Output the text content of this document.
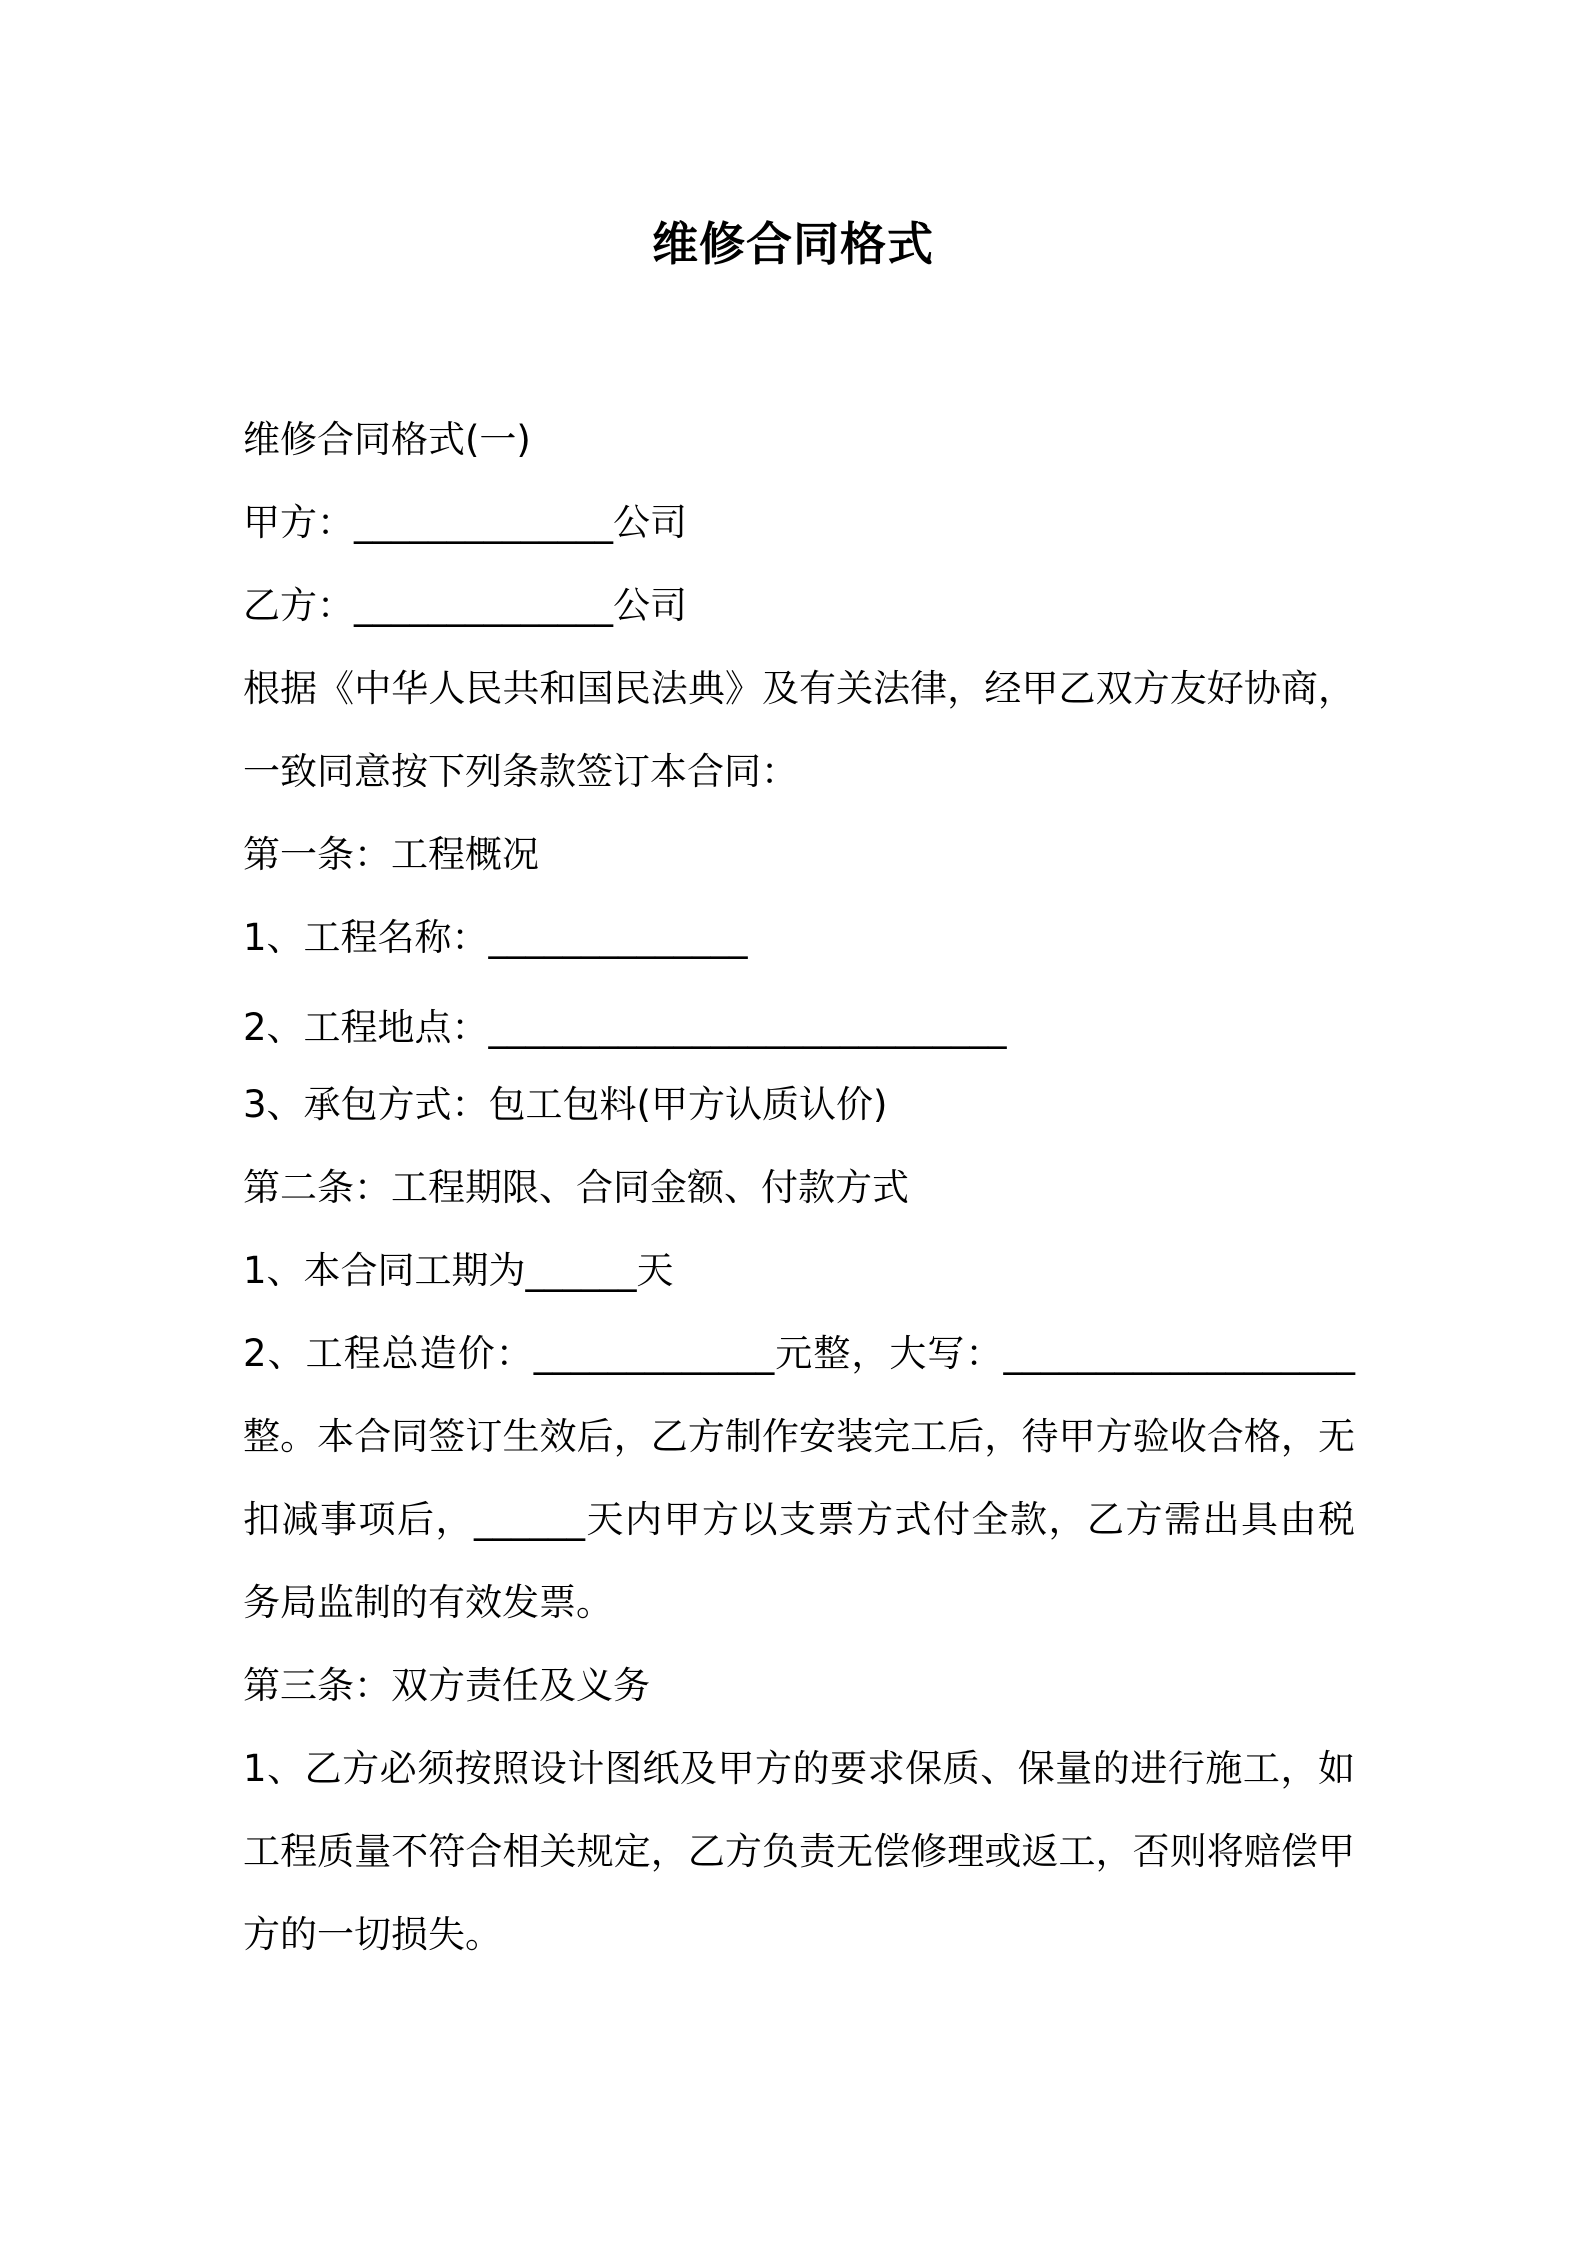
维修合同格式
维修合同格式(一)
甲方：______________公司
乙方：______________公司
根据《中华人民共和国民法典》及有关法律，经甲乙双方友好协商，
一致同意按下列条款签订本合同：
第一条：工程概况
1、工程名称：______________
2、工程地点：____________________________
3、承包方式：包工包料(甲方认质认价)
第二条：工程期限、合同金额、付款方式
1、本合同工期为______天
2、工程总造价：_____________元整，大写：___________________
整。本合同签订生效后，乙方制作安装完工后，待甲方验收合格，无
扣减事项后，______天内甲方以支票方式付全款，乙方需出具由税
务局监制的有效发票。
第三条：双方责任及义务
1、乙方必须按照设计图纸及甲方的要求保质、保量的进行施工，如
工程质量不符合相关规定，乙方负责无偿修理或返工，否则将赔偿甲
方的一切损失。
